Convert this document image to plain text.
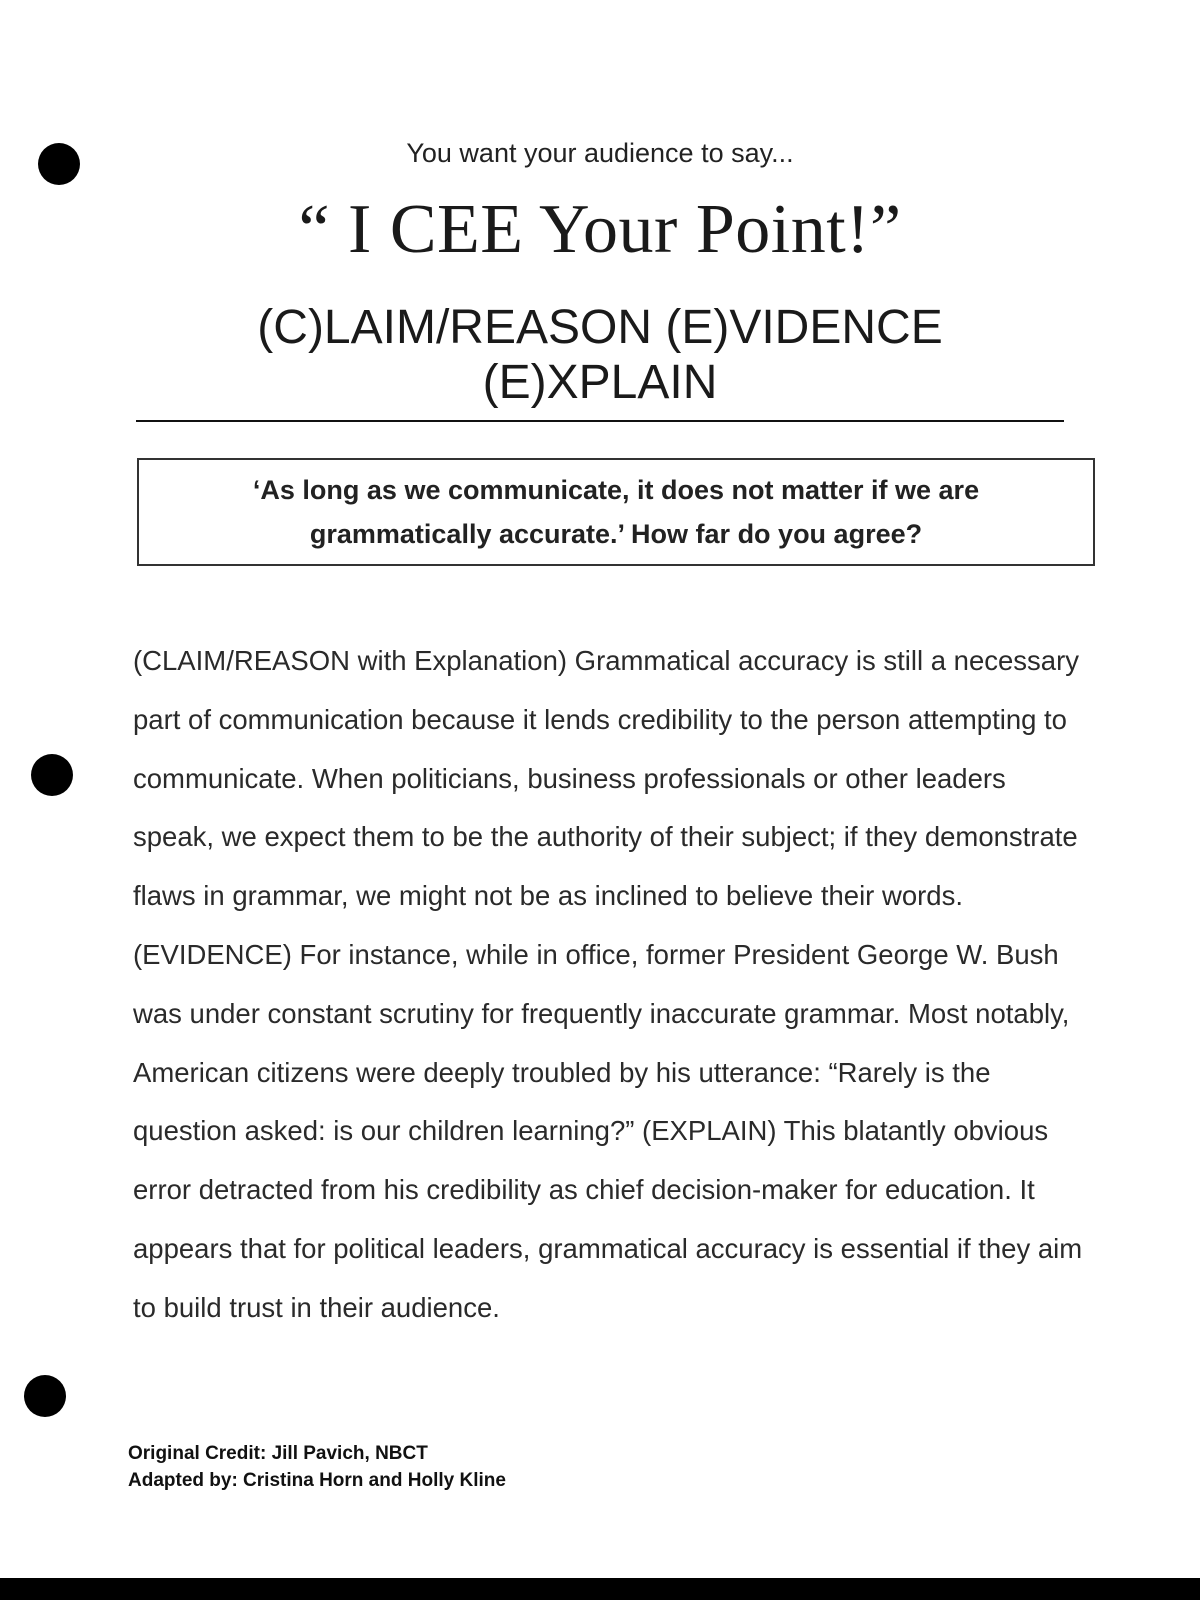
You want your audience to say...
“ I CEE Your Point!”
(C)LAIM/REASON (E)VIDENCE (E)XPLAIN
‘As long as we communicate, it does not matter if we are grammatically accurate.’ How far do you agree?
(CLAIM/REASON with Explanation) Grammatical accuracy is still a necessary part of communication because it lends credibility to the person attempting to communicate. When politicians, business professionals or other leaders speak, we expect them to be the authority of their subject; if they demonstrate flaws in grammar, we might not be as inclined to believe their words. (EVIDENCE) For instance, while in office, former President George W. Bush was under constant scrutiny for frequently inaccurate grammar. Most notably, American citizens were deeply troubled by his utterance: “Rarely is the question asked: is our children learning?” (EXPLAIN) This blatantly obvious error detracted from his credibility as chief decision-maker for education. It appears that for political leaders, grammatical accuracy is essential if they aim to build trust in their audience.
Original Credit: Jill Pavich, NBCT
Adapted by: Cristina Horn and Holly Kline
